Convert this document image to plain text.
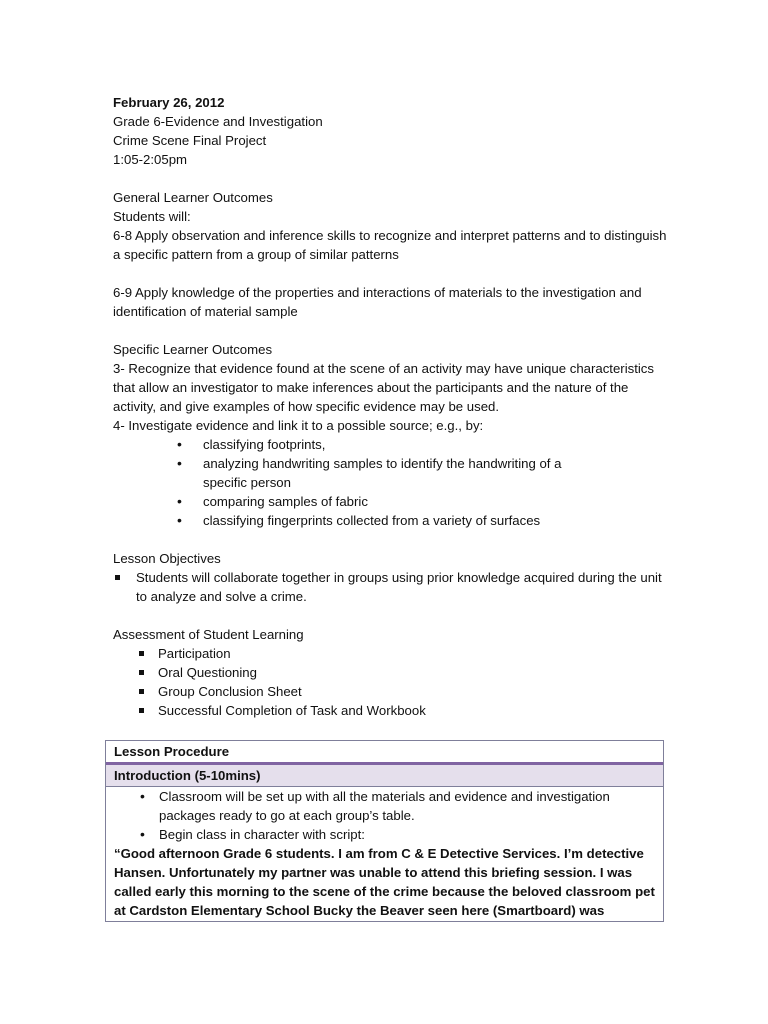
February 26, 2012
Grade 6-Evidence and Investigation
Crime Scene Final Project
1:05-2:05pm
General Learner Outcomes
Students will:
6-8 Apply observation and inference skills to recognize and interpret patterns and to distinguish a specific pattern from a group of similar patterns
6-9 Apply knowledge of the properties and interactions of materials to the investigation and identification of material sample
Specific Learner Outcomes
3- Recognize that evidence found at the scene of an activity may have unique characteristics that allow an investigator to make inferences about the participants and the nature of the activity, and give examples of how specific evidence may be used.
4- Investigate evidence and link it to a possible source; e.g., by:
• classifying footprints,
• analyzing handwriting samples to identify the handwriting of a specific person
• comparing samples of fabric
• classifying fingerprints collected from a variety of surfaces
Lesson Objectives
Students will collaborate together in groups using prior knowledge acquired during the unit to analyze and solve a crime.
Assessment of Student Learning
Participation
Oral Questioning
Group Conclusion Sheet
Successful Completion of Task and Workbook
Lesson Procedure
Introduction (5-10mins)
• Classroom will be set up with all the materials and evidence and investigation packages ready to go at each group’s table.
• Begin class in character with script:
“Good afternoon Grade 6 students. I am from C & E Detective Services. I’m detective Hansen. Unfortunately my partner was unable to attend this briefing session. I was called early this morning to the scene of the crime because the beloved classroom pet at Cardston Elementary School Bucky the Beaver seen here (Smartboard) was
